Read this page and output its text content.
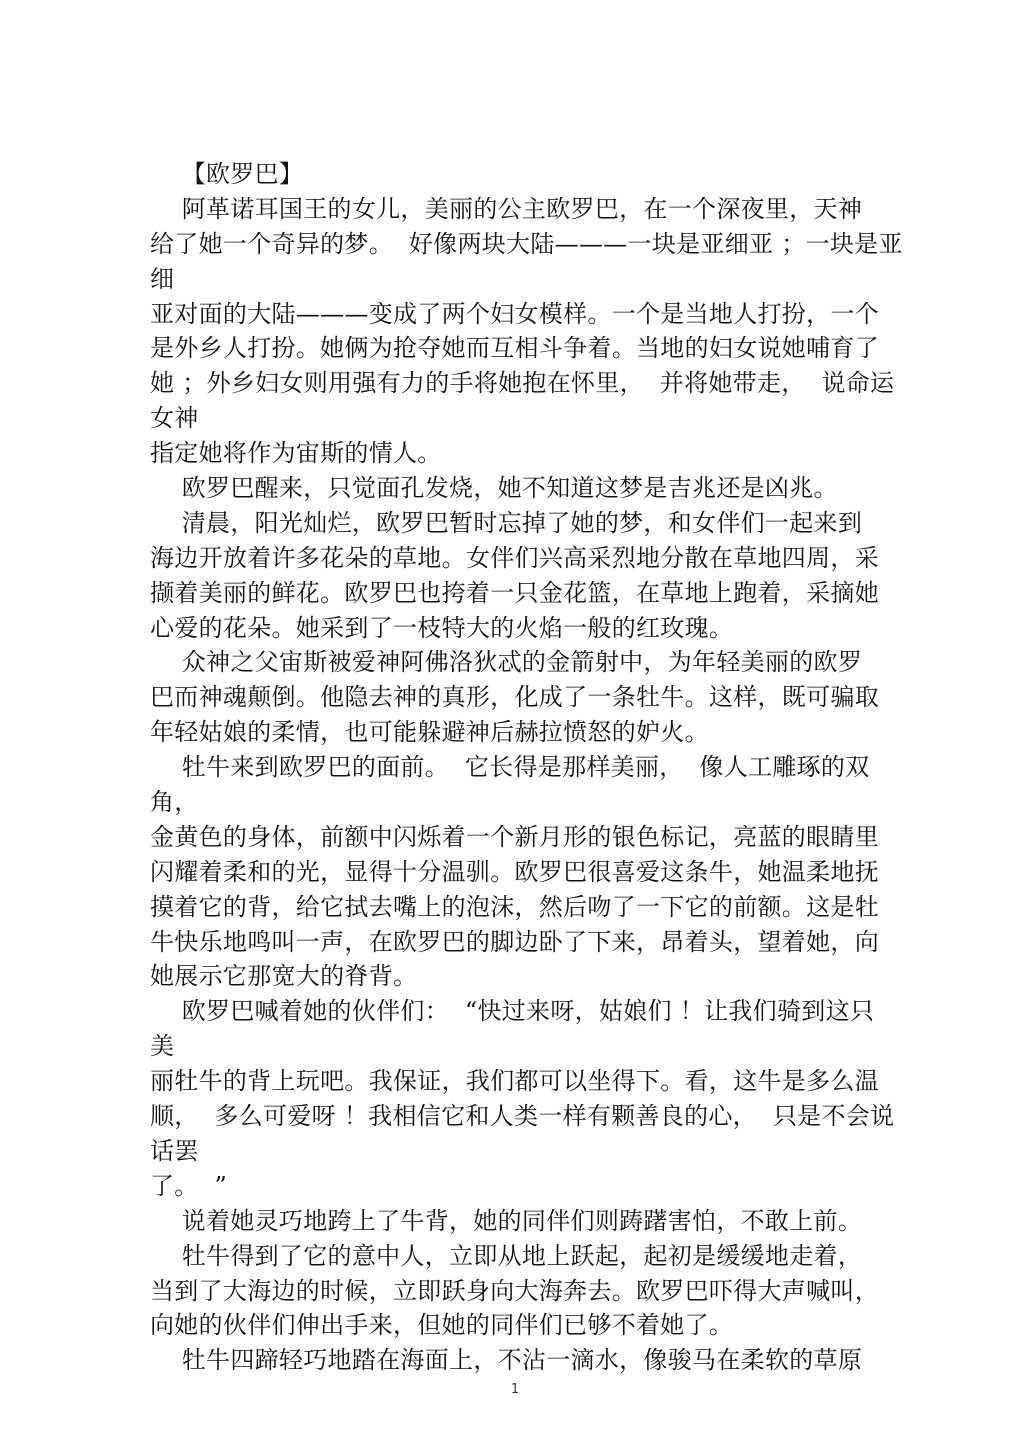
【欧罗巴】
阿革诺耳国王的女儿，美丽的公主欧罗巴，在一个深夜里，天神
给了她一个奇异的梦。  好像两块大陆———一块是亚细亚 ；一块是亚
细
亚对面的大陆———变成了两个妇女模样。一个是当地人打扮，一个
是外乡人打扮。她俩为抢夺她而互相斗争着。当地的妇女说她哺育了
她 ；外乡妇女则用强有力的手将她抱在怀里，  并将她带走，  说命运
女神
指定她将作为宙斯的情人。
欧罗巴醒来，只觉面孔发烧，她不知道这梦是吉兆还是凶兆。
清晨，阳光灿烂，欧罗巴暂时忘掉了她的梦，和女伴们一起来到
海边开放着许多花朵的草地。女伴们兴高采烈地分散在草地四周，采
撷着美丽的鲜花。欧罗巴也挎着一只金花篮，在草地上跑着，采摘她
心爱的花朵。她采到了一枝特大的火焰一般的红玫瑰。
众神之父宙斯被爱神阿佛洛狄忒的金箭射中，为年轻美丽的欧罗
巴而神魂颠倒。他隐去神的真形，化成了一条牡牛。这样，既可骗取
年轻姑娘的柔情，也可能躲避神后赫拉愤怒的妒火。
牡牛来到欧罗巴的面前。  它长得是那样美丽，  像人工雕琢的双
角，
金黄色的身体，前额中闪烁着一个新月形的银色标记，亮蓝的眼睛里
闪耀着柔和的光，显得十分温驯。欧罗巴很喜爱这条牛，她温柔地抚
摸着它的背，给它拭去嘴上的泡沫，然后吻了一下它的前额。这是牡
牛快乐地鸣叫一声，在欧罗巴的脚边卧了下来，昂着头，望着她，向
她展示它那宽大的脊背。
欧罗巴喊着她的伙伴们：  “快过来呀，姑娘们 ！让我们骑到这只
美
丽牡牛的背上玩吧。我保证，我们都可以坐得下。看，这牛是多么温
顺，  多么可爱呀 ！我相信它和人类一样有颗善良的心，  只是不会说
话罢
了。  ”
说着她灵巧地跨上了牛背，她的同伴们则踌躇害怕，不敢上前。
牡牛得到了它的意中人，立即从地上跃起，起初是缓缓地走着，
当到了大海边的时候，立即跃身向大海奔去。欧罗巴吓得大声喊叫，
向她的伙伴们伸出手来，但她的同伴们已够不着她了。
牡牛四蹄轻巧地踏在海面上，不沾一滴水，像骏马在柔软的草原
1
